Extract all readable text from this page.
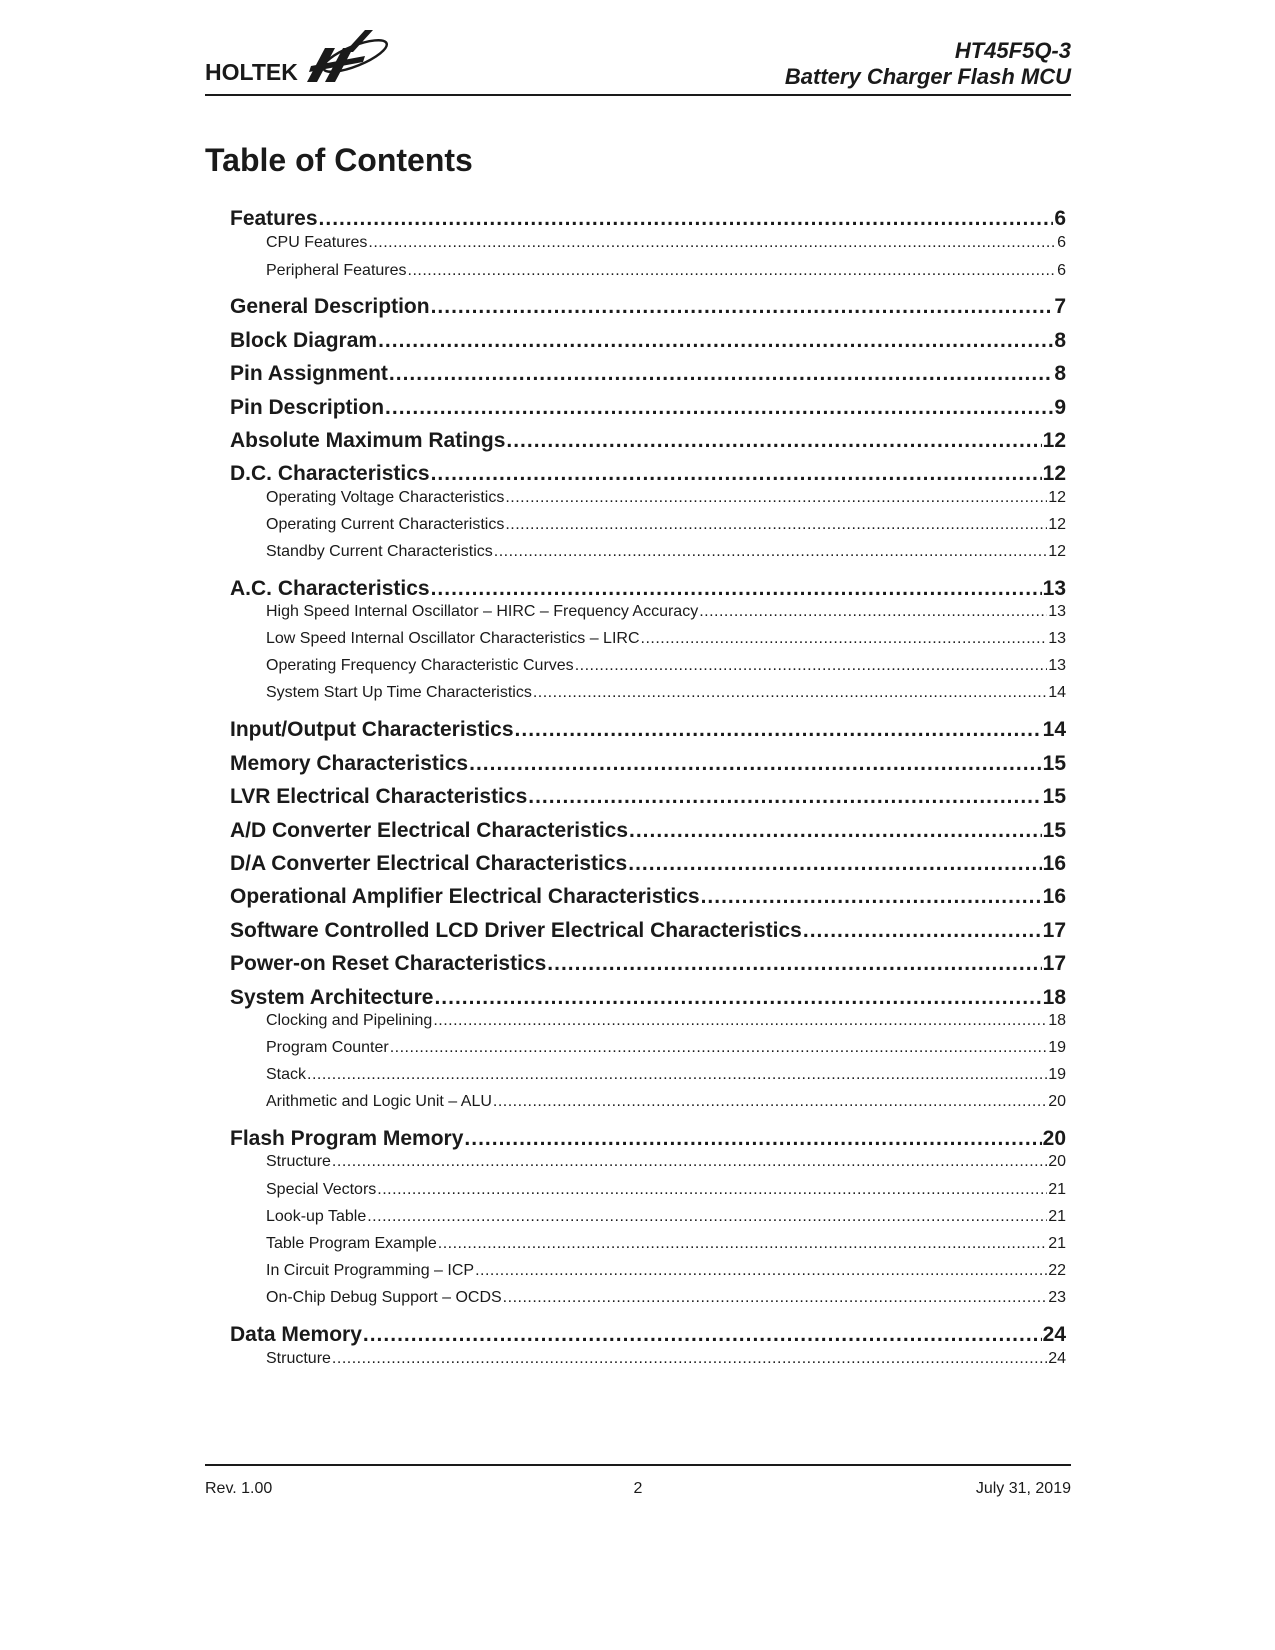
HOLTEK
HT45F5Q-3
Battery Charger Flash MCU
Table of Contents
Features .....	6
CPU Features .....	6
Peripheral Features .....	6
General Description .....	7
Block Diagram .....	8
Pin Assignment .....	8
Pin Description .....	9
Absolute Maximum Ratings .....	12
D.C. Characteristics .....	12
Operating Voltage Characteristics .....	12
Operating Current Characteristics .....	12
Standby Current Characteristics .....	12
A.C. Characteristics .....	13
High Speed Internal Oscillator – HIRC – Frequency Accuracy .....	13
Low Speed Internal Oscillator Characteristics – LIRC .....	13
Operating Frequency Characteristic Curves .....	13
System Start Up Time Characteristics .....	14
Input/Output Characteristics .....	14
Memory Characteristics .....	15
LVR Electrical Characteristics .....	15
A/D Converter Electrical Characteristics .....	15
D/A Converter Electrical Characteristics .....	16
Operational Amplifier Electrical Characteristics .....	16
Software Controlled LCD Driver Electrical Characteristics .....	17
Power-on Reset Characteristics .....	17
System Architecture .....	18
Clocking and Pipelining .....	18
Program Counter .....	19
Stack .....	19
Arithmetic and Logic Unit – ALU .....	20
Flash Program Memory .....	20
Structure .....	20
Special Vectors .....	21
Look-up Table .....	21
Table Program Example .....	21
In Circuit Programming – ICP .....	22
On-Chip Debug Support – OCDS .....	23
Data Memory .....	24
Structure .....	24
Rev. 1.00	2	July 31, 2019
